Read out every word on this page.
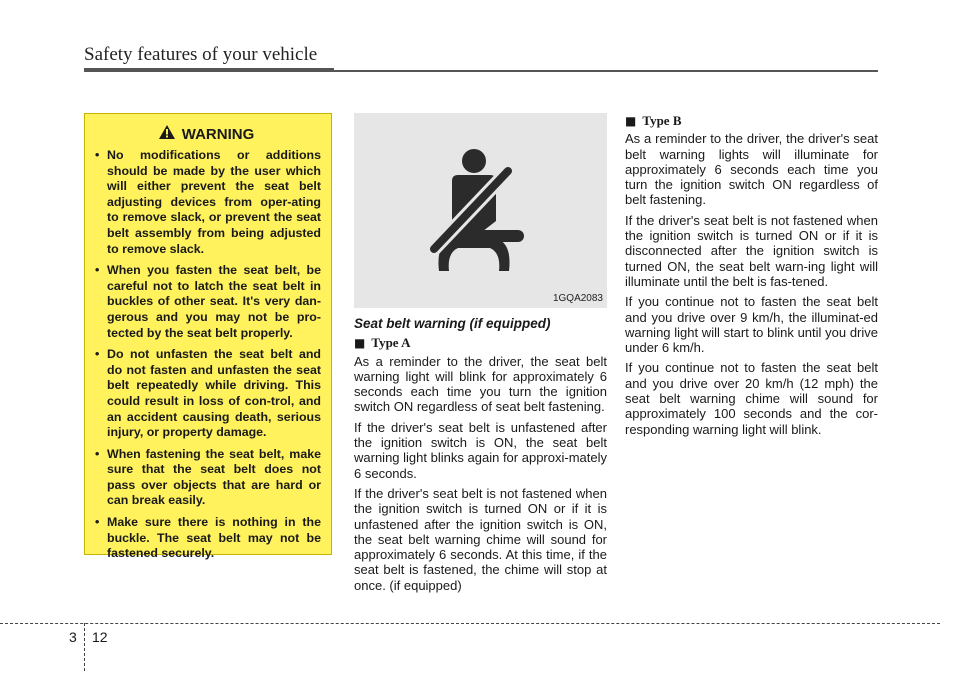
Safety features of your vehicle
WARNING
• No modifications or additions should be made by the user which will either prevent the seat belt adjusting devices from oper-ating to remove slack, or prevent the seat belt assembly from being adjusted to remove slack.
• When you fasten the seat belt, be careful not to latch the seat belt in buckles of other seat. It's very dan-gerous and you may not be pro-tected by the seat belt properly.
• Do not unfasten the seat belt and do not fasten and unfasten the seat belt repeatedly while driving. This could result in loss of con-trol, and an accident causing death, serious injury, or property damage.
• When fastening the seat belt, make sure that the seat belt does not pass over objects that are hard or can break easily.
• Make sure there is nothing in the buckle. The seat belt may not be fastened securely.
1GQA2083

Seat belt warning (if equipped)

■ Type A

As a reminder to the driver, the seat belt warning light will blink for approximately 6 seconds each time you turn the ignition switch ON regardless of seat belt fastening.

If the driver's seat belt is unfastened after the ignition switch is ON, the seat belt warning light blinks again for approxi-mately 6 seconds.

If the driver's seat belt is not fastened when the ignition switch is turned ON or if it is unfastened after the ignition switch is ON, the seat belt warning chime will sound for approximately 6 seconds. At this time, if the seat belt is fastened, the chime will stop at once. (if equipped)

■ Type B

As a reminder to the driver, the driver's seat belt warning lights will illuminate for approximately 6 seconds each time you turn the ignition switch ON regardless of belt fastening.

If the driver's seat belt is not fastened when the ignition switch is turned ON or if it is disconnected after the ignition switch is turned ON, the seat belt warn-ing light will illuminate until the belt is fas-tened.

If you continue not to fasten the seat belt and you drive over 9 km/h, the illuminat-ed warning light will start to blink until you drive under 6 km/h.

If you continue not to fasten the seat belt and you drive over 20 km/h (12 mph) the seat belt warning chime will sound for approximately 100 seconds and the cor-responding warning light will blink.

3 12
